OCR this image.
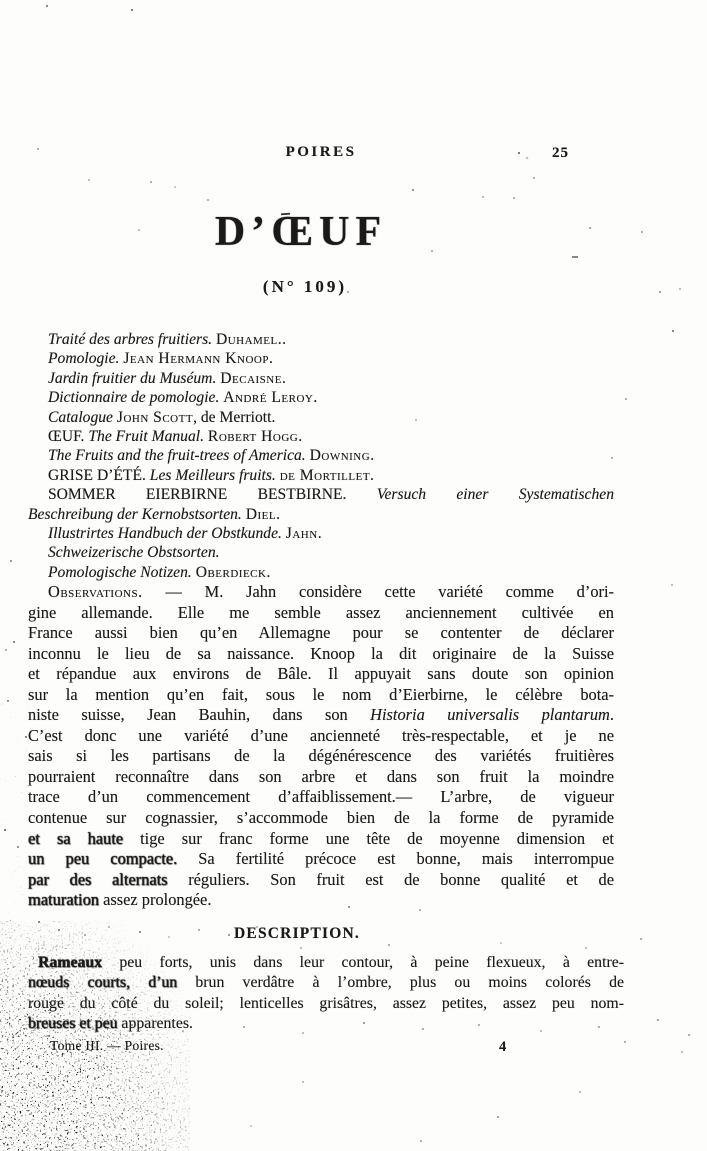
POIRES	25
D’ŒUF
(N° 109)
Traité des arbres fruitiers. Duhamel..
Pomologie. Jean Hermann Knoop.
Jardin fruitier du Muséum. Decaisne.
Dictionnaire de pomologie. André Leroy.
Catalogue John Scott, de Merriott.
ŒUF. The Fruit Manual. Robert Hogg.
The Fruits and the fruit-trees of America. Downing.
GRISE D’ÉTÉ. Les Meilleurs fruits. de Mortillet.
SOMMER EIERBIRNE BESTBIRNE. Versuch einer Systematischen
Beschreibung der Kernobstsorten. Diel.
Illustrirtes Handbuch der Obstkunde. Jahn.
Schweizerische Obstsorten.
Pomologische Notizen. Oberdieck.
Observations. — M. Jahn considère cette variété comme d’ori-
gine allemande. Elle me semble assez anciennement cultivée en
France aussi bien qu’en Allemagne pour se contenter de déclarer
inconnu le lieu de sa naissance. Knoop la dit originaire de la Suisse
et répandue aux environs de Bâle. Il appuyait sans doute son opinion
sur la mention qu’en fait, sous le nom d’Eierbirne, le célèbre bota-
niste suisse, Jean Bauhin, dans son Historia universalis plantarum.
C’est donc une variété d’une ancienneté très-respectable, et je ne
sais si les partisans de la dégénérescence des variétés fruitières
pourraient reconnaître dans son arbre et dans son fruit la moindre
trace d’un commencement d’affaiblissement.— L’arbre, de vigueur
contenue sur cognassier, s’accommode bien de la forme de pyramide
et sa haute tige sur franc forme une tête de moyenne dimension et
un peu compacte. Sa fertilité précoce est bonne, mais interrompue
par des alternats réguliers. Son fruit est de bonne qualité et de
maturation assez prolongée.
DESCRIPTION.
Rameaux peu forts, unis dans leur contour, à peine flexueux, à entre-
nœuds courts, d’un brun verdâtre à l’ombre, plus ou moins colorés de
rouge du côté du soleil; lenticelles grisâtres, assez petites, assez peu nom-
breuses et peu apparentes.
Tome III. — Poires.	4
